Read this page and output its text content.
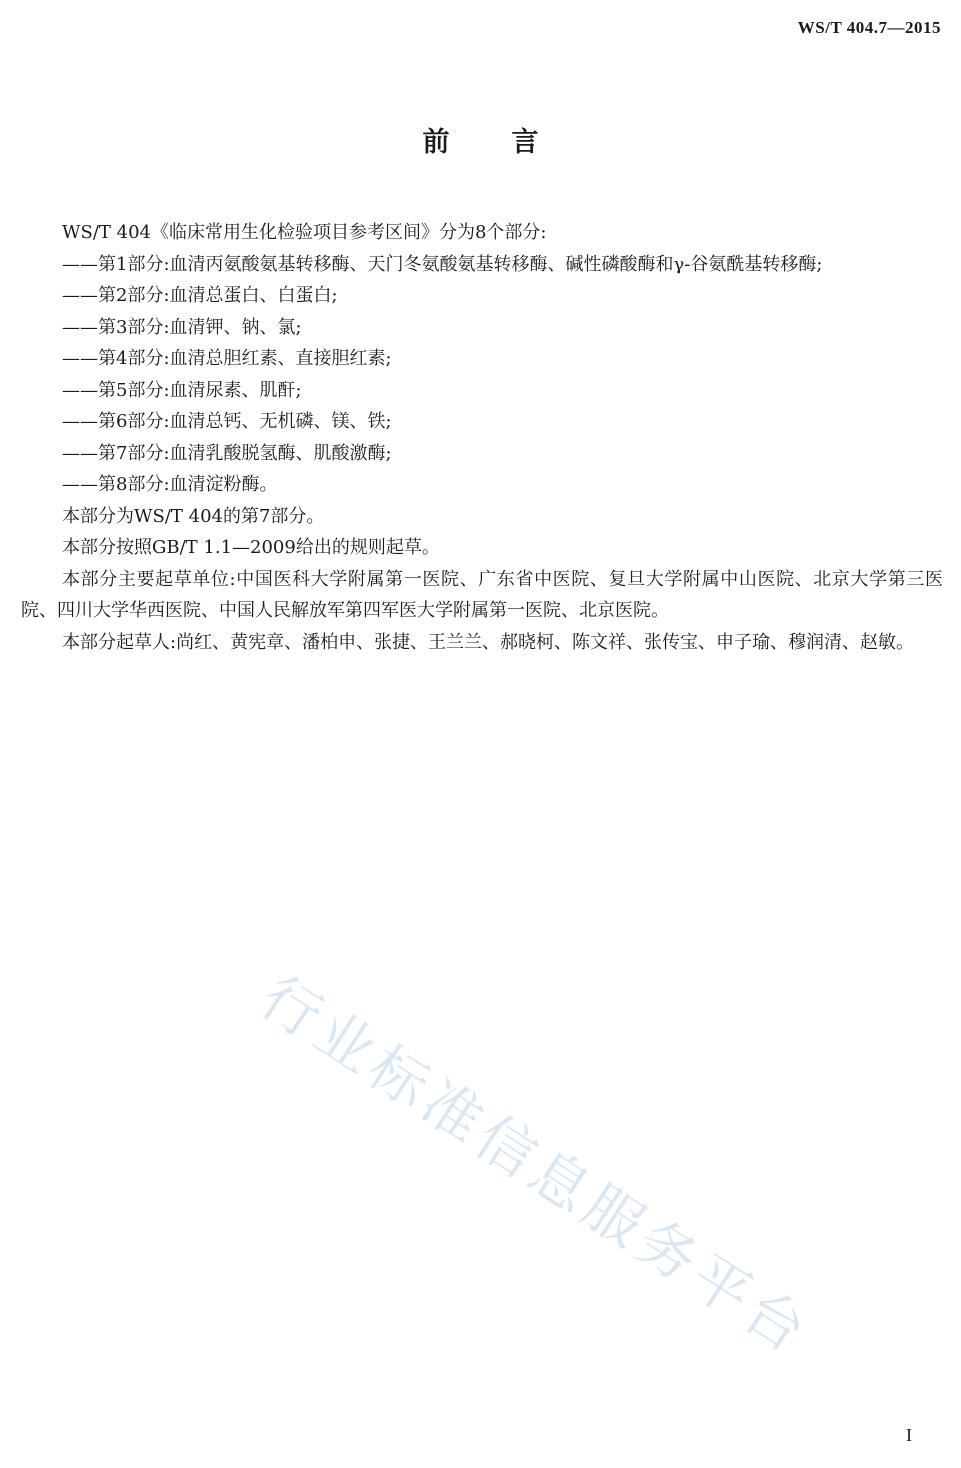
WS/T 404.7—2015
前言

WS/T 404《临床常用生化检验项目参考区间》分为8个部分:

——第1部分:血清丙氨酸氨基转移酶、天门冬氨酸氨基转移酶、碱性磷酸酶和γ-谷氨酰基转移酶;

——第2部分:血清总蛋白、白蛋白;

——第3部分:血清钾、钠、氯;

——第4部分:血清总胆红素、直接胆红素;

——第5部分:血清尿素、肌酐;

——第6部分:血清总钙、无机磷、镁、铁;

——第7部分:血清乳酸脱氢酶、肌酸激酶;

——第8部分:血清淀粉酶。

本部分为WS/T 404的第7部分。

本部分按照GB/T 1.1—2009给出的规则起草。

本部分主要起草单位:中国医科大学附属第一医院、广东省中医院、复旦大学附属中山医院、北京大学第三医院、四川大学华西医院、中国人民解放军第四军医大学附属第一医院、北京医院。

本部分起草人:尚红、黄宪章、潘柏申、张捷、王兰兰、郝晓柯、陈文祥、张传宝、申子瑜、穆润清、赵敏。

行业标准信息服务平台
I
